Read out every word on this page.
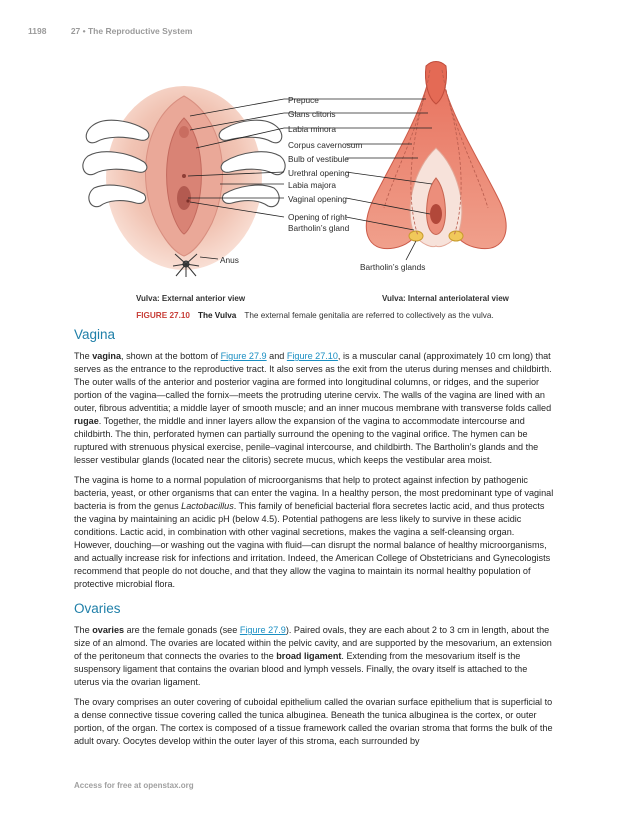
1198	27 • The Reproductive System
Prepuce
Glans clitoris
Labia minora
Corpus cavernosum
Bulb of vestibule
Urethral opening
Labia majora
Vaginal opening
Opening of right
Bartholin’s gland
Anus
Bartholin’s glands
Vulva: External anterior view	Vulva: Internal anteriolateral view
FIGURE 27.10 The Vulva The external female genitalia are referred to collectively as the vulva.
Vagina

The vagina, shown at the bottom of Figure 27.9 and Figure 27.10, is a muscular canal (approximately 10 cm long) that serves as the entrance to the reproductive tract. It also serves as the exit from the uterus during menses and childbirth. The outer walls of the anterior and posterior vagina are formed into longitudinal columns, or ridges, and the superior portion of the vagina—called the fornix—meets the protruding uterine cervix. The walls of the vagina are lined with an outer, fibrous adventitia; a middle layer of smooth muscle; and an inner mucous membrane with transverse folds called rugae. Together, the middle and inner layers allow the expansion of the vagina to accommodate intercourse and childbirth. The thin, perforated hymen can partially surround the opening to the vaginal orifice. The hymen can be ruptured with strenuous physical exercise, penile–vaginal intercourse, and childbirth. The Bartholin’s glands and the lesser vestibular glands (located near the clitoris) secrete mucus, which keeps the vestibular area moist.

The vagina is home to a normal population of microorganisms that help to protect against infection by pathogenic bacteria, yeast, or other organisms that can enter the vagina. In a healthy person, the most predominant type of vaginal bacteria is from the genus Lactobacillus. This family of beneficial bacterial flora secretes lactic acid, and thus protects the vagina by maintaining an acidic pH (below 4.5). Potential pathogens are less likely to survive in these acidic conditions. Lactic acid, in combination with other vaginal secretions, makes the vagina a self-cleansing organ. However, douching—or washing out the vagina with fluid—can disrupt the normal balance of healthy microorganisms, and actually increase risk for infections and irritation. Indeed, the American College of Obstetricians and Gynecologists recommend that people do not douche, and that they allow the vagina to maintain its normal healthy population of protective microbial flora.

Ovaries

The ovaries are the female gonads (see Figure 27.9). Paired ovals, they are each about 2 to 3 cm in length, about the size of an almond. The ovaries are located within the pelvic cavity, and are supported by the mesovarium, an extension of the peritoneum that connects the ovaries to the broad ligament. Extending from the mesovarium itself is the suspensory ligament that contains the ovarian blood and lymph vessels. Finally, the ovary itself is attached to the uterus via the ovarian ligament.

The ovary comprises an outer covering of cuboidal epithelium called the ovarian surface epithelium that is superficial to a dense connective tissue covering called the tunica albuginea. Beneath the tunica albuginea is the cortex, or outer portion, of the organ. The cortex is composed of a tissue framework called the ovarian stroma that forms the bulk of the adult ovary. Oocytes develop within the outer layer of this stroma, each surrounded by

Access for free at openstax.org
